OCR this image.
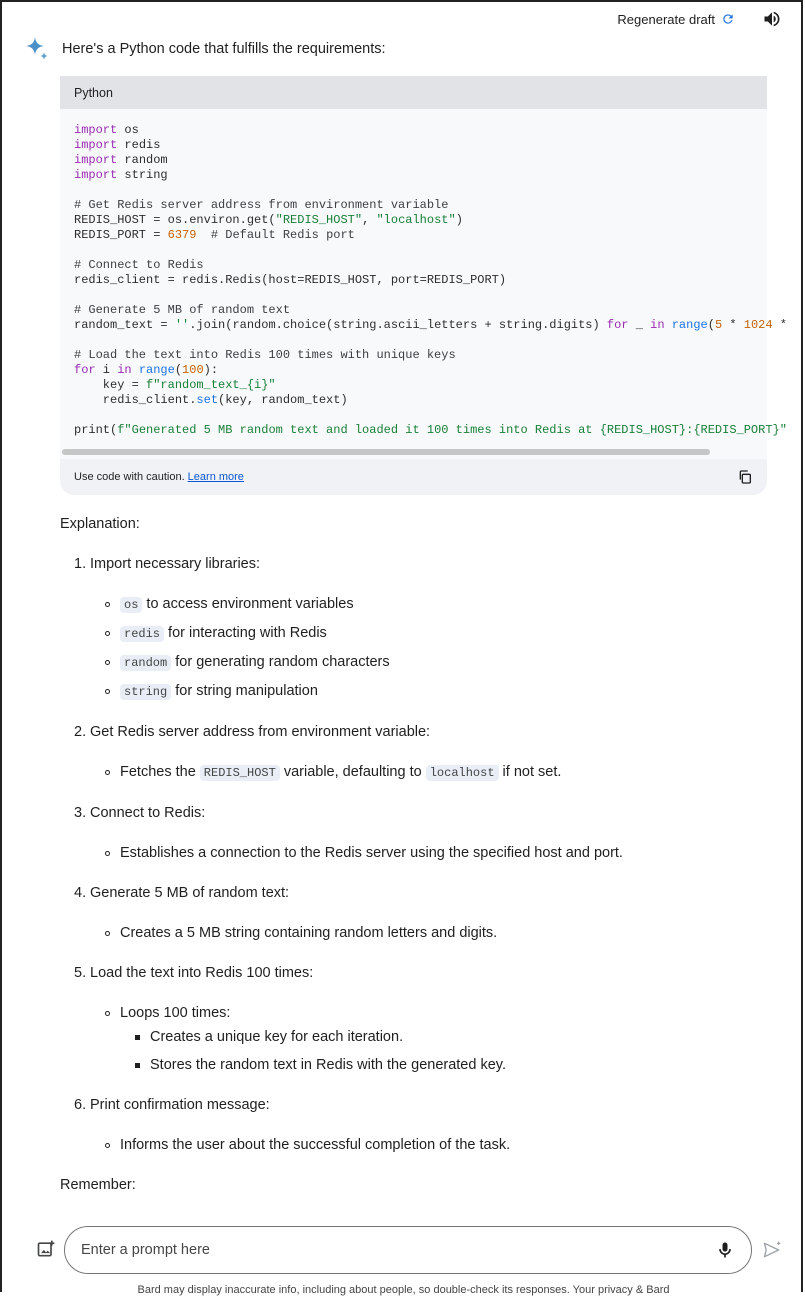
Regenerate draft
Here's a Python code that fulfills the requirements:
Python
import os
import redis
import random
import string

# Get Redis server address from environment variable
REDIS_HOST = os.environ.get("REDIS_HOST", "localhost")
REDIS_PORT = 6379 # Default Redis port

# Connect to Redis
redis_client = redis.Redis(host=REDIS_HOST, port=REDIS_PORT)

# Generate 5 MB of random text
random_text = ''.join(random.choice(string.ascii_letters + string.digits) for _ in range(5 * 1024 *

# Load the text into Redis 100 times with unique keys
for i in range(100):
key = f"random_text_{i}"
redis_client.set(key, random_text)

print(f"Generated 5 MB random text and loaded it 100 times into Redis at {REDIS_HOST}:{REDIS_PORT}"
Use code with caution. Learn more

Explanation:

1. Import necessary libraries:
os to access environment variables
redis for interacting with Redis
random for generating random characters
string for string manipulation
2. Get Redis server address from environment variable:
Fetches the REDIS_HOST variable, defaulting to localhost if not set.
3. Connect to Redis:
Establishes a connection to the Redis server using the specified host and port.
4. Generate 5 MB of random text:
Creates a 5 MB string containing random letters and digits.
5. Load the text into Redis 100 times:
Loops 100 times:
Creates a unique key for each iteration.
Stores the random text in Redis with the generated key.
6. Print confirmation message:
Informs the user about the successful completion of the task.

Remember:

Enter a prompt here
Bard may display inaccurate info, including about people, so double-check its responses. Your privacy & Bard
